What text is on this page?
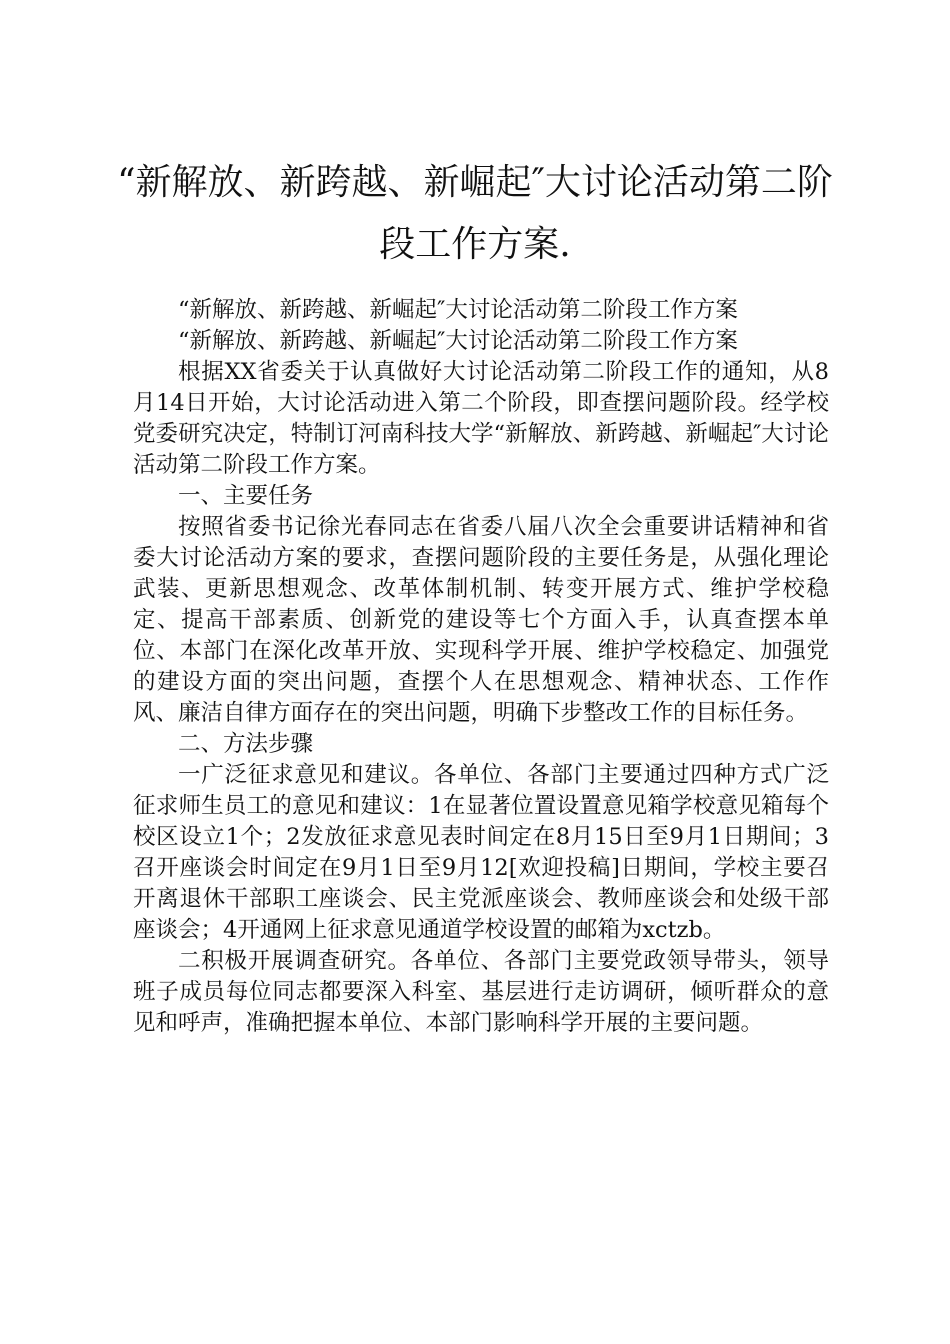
“新解放、新跨越、新崛起″大讨论活动第二阶段工作方案.

“新解放、新跨越、新崛起″大讨论活动第二阶段工作方案

“新解放、新跨越、新崛起″大讨论活动第二阶段工作方案

根据XX省委关于认真做好大讨论活动第二阶段工作的通知，从8月14日开始，大讨论活动进入第二个阶段，即查摆问题阶段。经学校党委研究决定，特制订河南科技大学“新解放、新跨越、新崛起″大讨论活动第二阶段工作方案。

一、主要任务

按照省委书记徐光春同志在省委八届八次全会重要讲话精神和省委大讨论活动方案的要求，查摆问题阶段的主要任务是，从强化理论武装、更新思想观念、改革体制机制、转变开展方式、维护学校稳定、提高干部素质、创新党的建设等七个方面入手，认真查摆本单位、本部门在深化改革开放、实现科学开展、维护学校稳定、加强党的建设方面的突出问题，查摆个人在思想观念、精神状态、工作作风、廉洁自律方面存在的突出问题，明确下步整改工作的目标任务。

二、方法步骤

一广泛征求意见和建议。各单位、各部门主要通过四种方式广泛征求师生员工的意见和建议：1在显著位置设置意见箱学校意见箱每个校区设立1个；2发放征求意见表时间定在8月15日至9月1日期间；3召开座谈会时间定在9月1日至9月12[欢迎投稿]日期间，学校主要召开离退休干部职工座谈会、民主党派座谈会、教师座谈会和处级干部座谈会；4开通网上征求意见通道学校设置的邮箱为xctzb。

二积极开展调查研究。各单位、各部门主要党政领导带头，领导班子成员每位同志都要深入科室、基层进行走访调研，倾听群众的意见和呼声，准确把握本单位、本部门影响科学开展的主要问题。
